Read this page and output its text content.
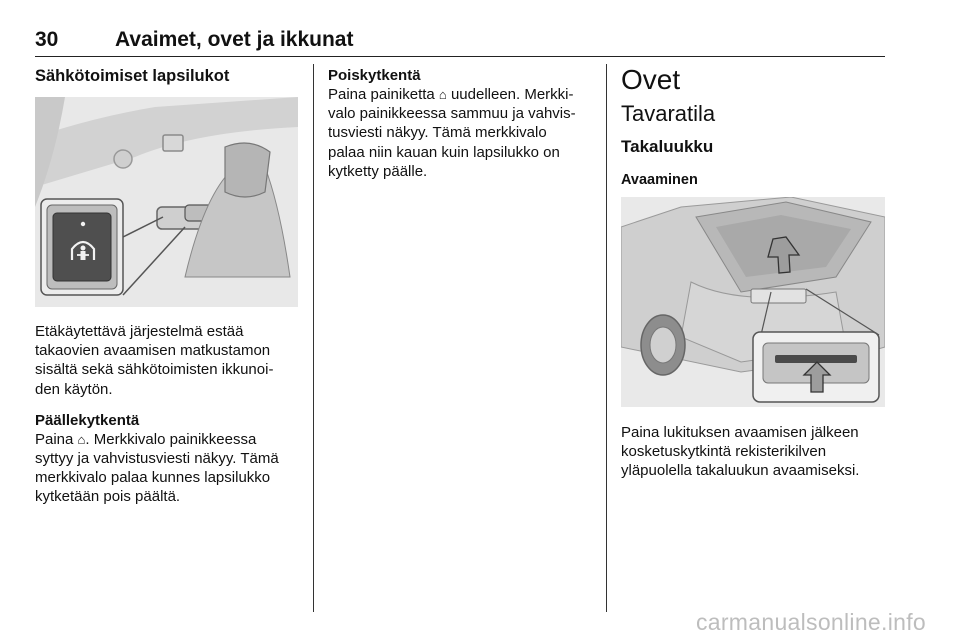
30	Avaimet, ovet ja ikkunat

Sähkötoimiset lapsilukot

Etäkäytettävä järjestelmä estää

takaovien avaamisen matkustamon

sisältä sekä sähkötoimisten ikkunoi-

den käytön.

Päällekytkentä

Paina ⌂. Merkkivalo painikkeessa

syttyy ja vahvistusviesti näkyy. Tämä

merkkivalo palaa kunnes lapsilukko

kytketään pois päältä.

Poiskytkentä

Paina painiketta ⌂ uudelleen. Merkki-

valo painikkeessa sammuu ja vahvis-

tusviesti näkyy. Tämä merkkivalo

palaa niin kauan kuin lapsilukko on

kytketty päälle.

Ovet

Tavaratila

Takaluukku

Avaaminen

Paina lukituksen avaamisen jälkeen

kosketuskytkintä rekisterikilven

yläpuolella takaluukun avaamiseksi.

carmanualsonline.info
